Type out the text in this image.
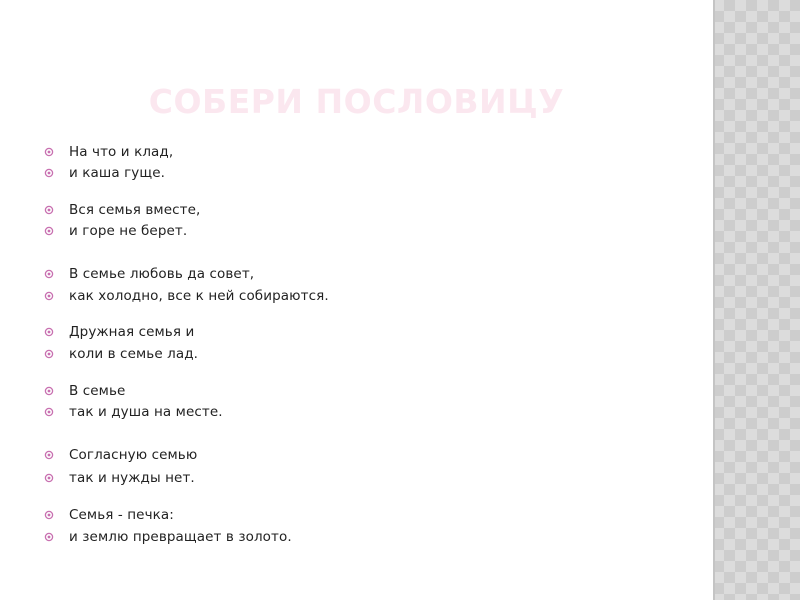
СОБЕРИ ПОСЛОВИЦУ
На что и клад,
и каша гуще.
Вся семья вместе,
и горе не берет.
В семье любовь да совет,
как холодно, все к ней собираются.
Дружная семья и
коли в семье лад.
В семье
так и душа на месте.
Согласную семью
так и нужды нет.
Семья - печка:
и землю превращает в золото.
